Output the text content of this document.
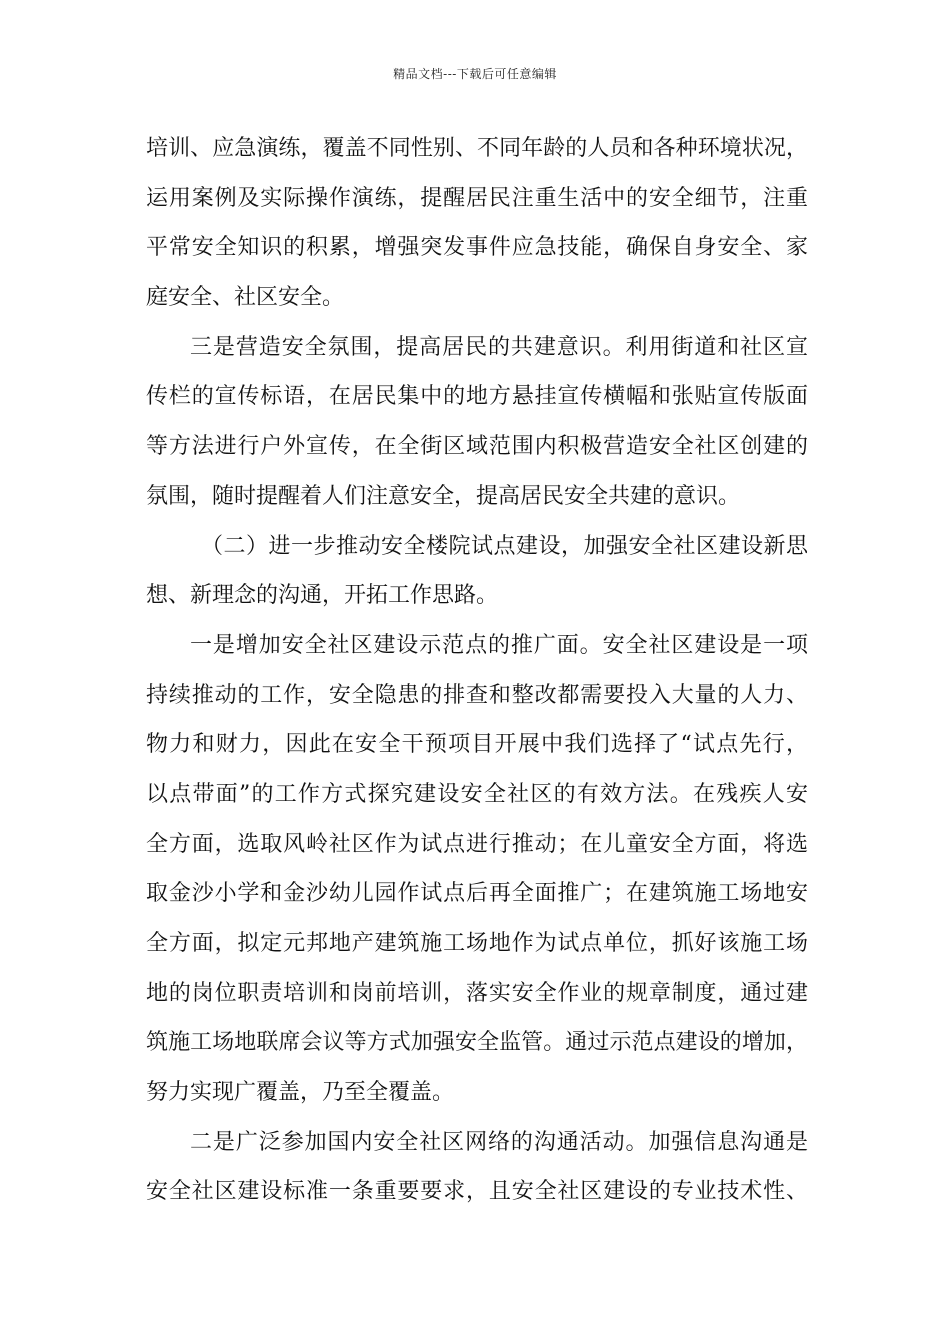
精品文档---下载后可任意编辑
培训、应急演练，覆盖不同性别、不同年龄的人员和各种环境状况，
运用案例及实际操作演练，提醒居民注重生活中的安全细节，注重
平常安全知识的积累，增强突发事件应急技能，确保自身安全、家
庭安全、社区安全。
三是营造安全氛围，提高居民的共建意识。利用街道和社区宣
传栏的宣传标语，在居民集中的地方悬挂宣传横幅和张贴宣传版面
等方法进行户外宣传，在全街区域范围内积极营造安全社区创建的
氛围，随时提醒着人们注意安全，提高居民安全共建的意识。
（二）进一步推动安全楼院试点建设，加强安全社区建设新思
想、新理念的沟通，开拓工作思路。
一是增加安全社区建设示范点的推广面。安全社区建设是一项
持续推动的工作，安全隐患的排查和整改都需要投入大量的人力、
物力和财力，因此在安全干预项目开展中我们选择了“试点先行，
以点带面”的工作方式探究建设安全社区的有效方法。在残疾人安
全方面，选取风岭社区作为试点进行推动；在儿童安全方面，将选
取金沙小学和金沙幼儿园作试点后再全面推广；在建筑施工场地安
全方面，拟定元邦地产建筑施工场地作为试点单位，抓好该施工场
地的岗位职责培训和岗前培训，落实安全作业的规章制度，通过建
筑施工场地联席会议等方式加强安全监管。通过示范点建设的增加，
努力实现广覆盖，乃至全覆盖。
二是广泛参加国内安全社区网络的沟通活动。加强信息沟通是
安全社区建设标准一条重要要求，且安全社区建设的专业技术性、
